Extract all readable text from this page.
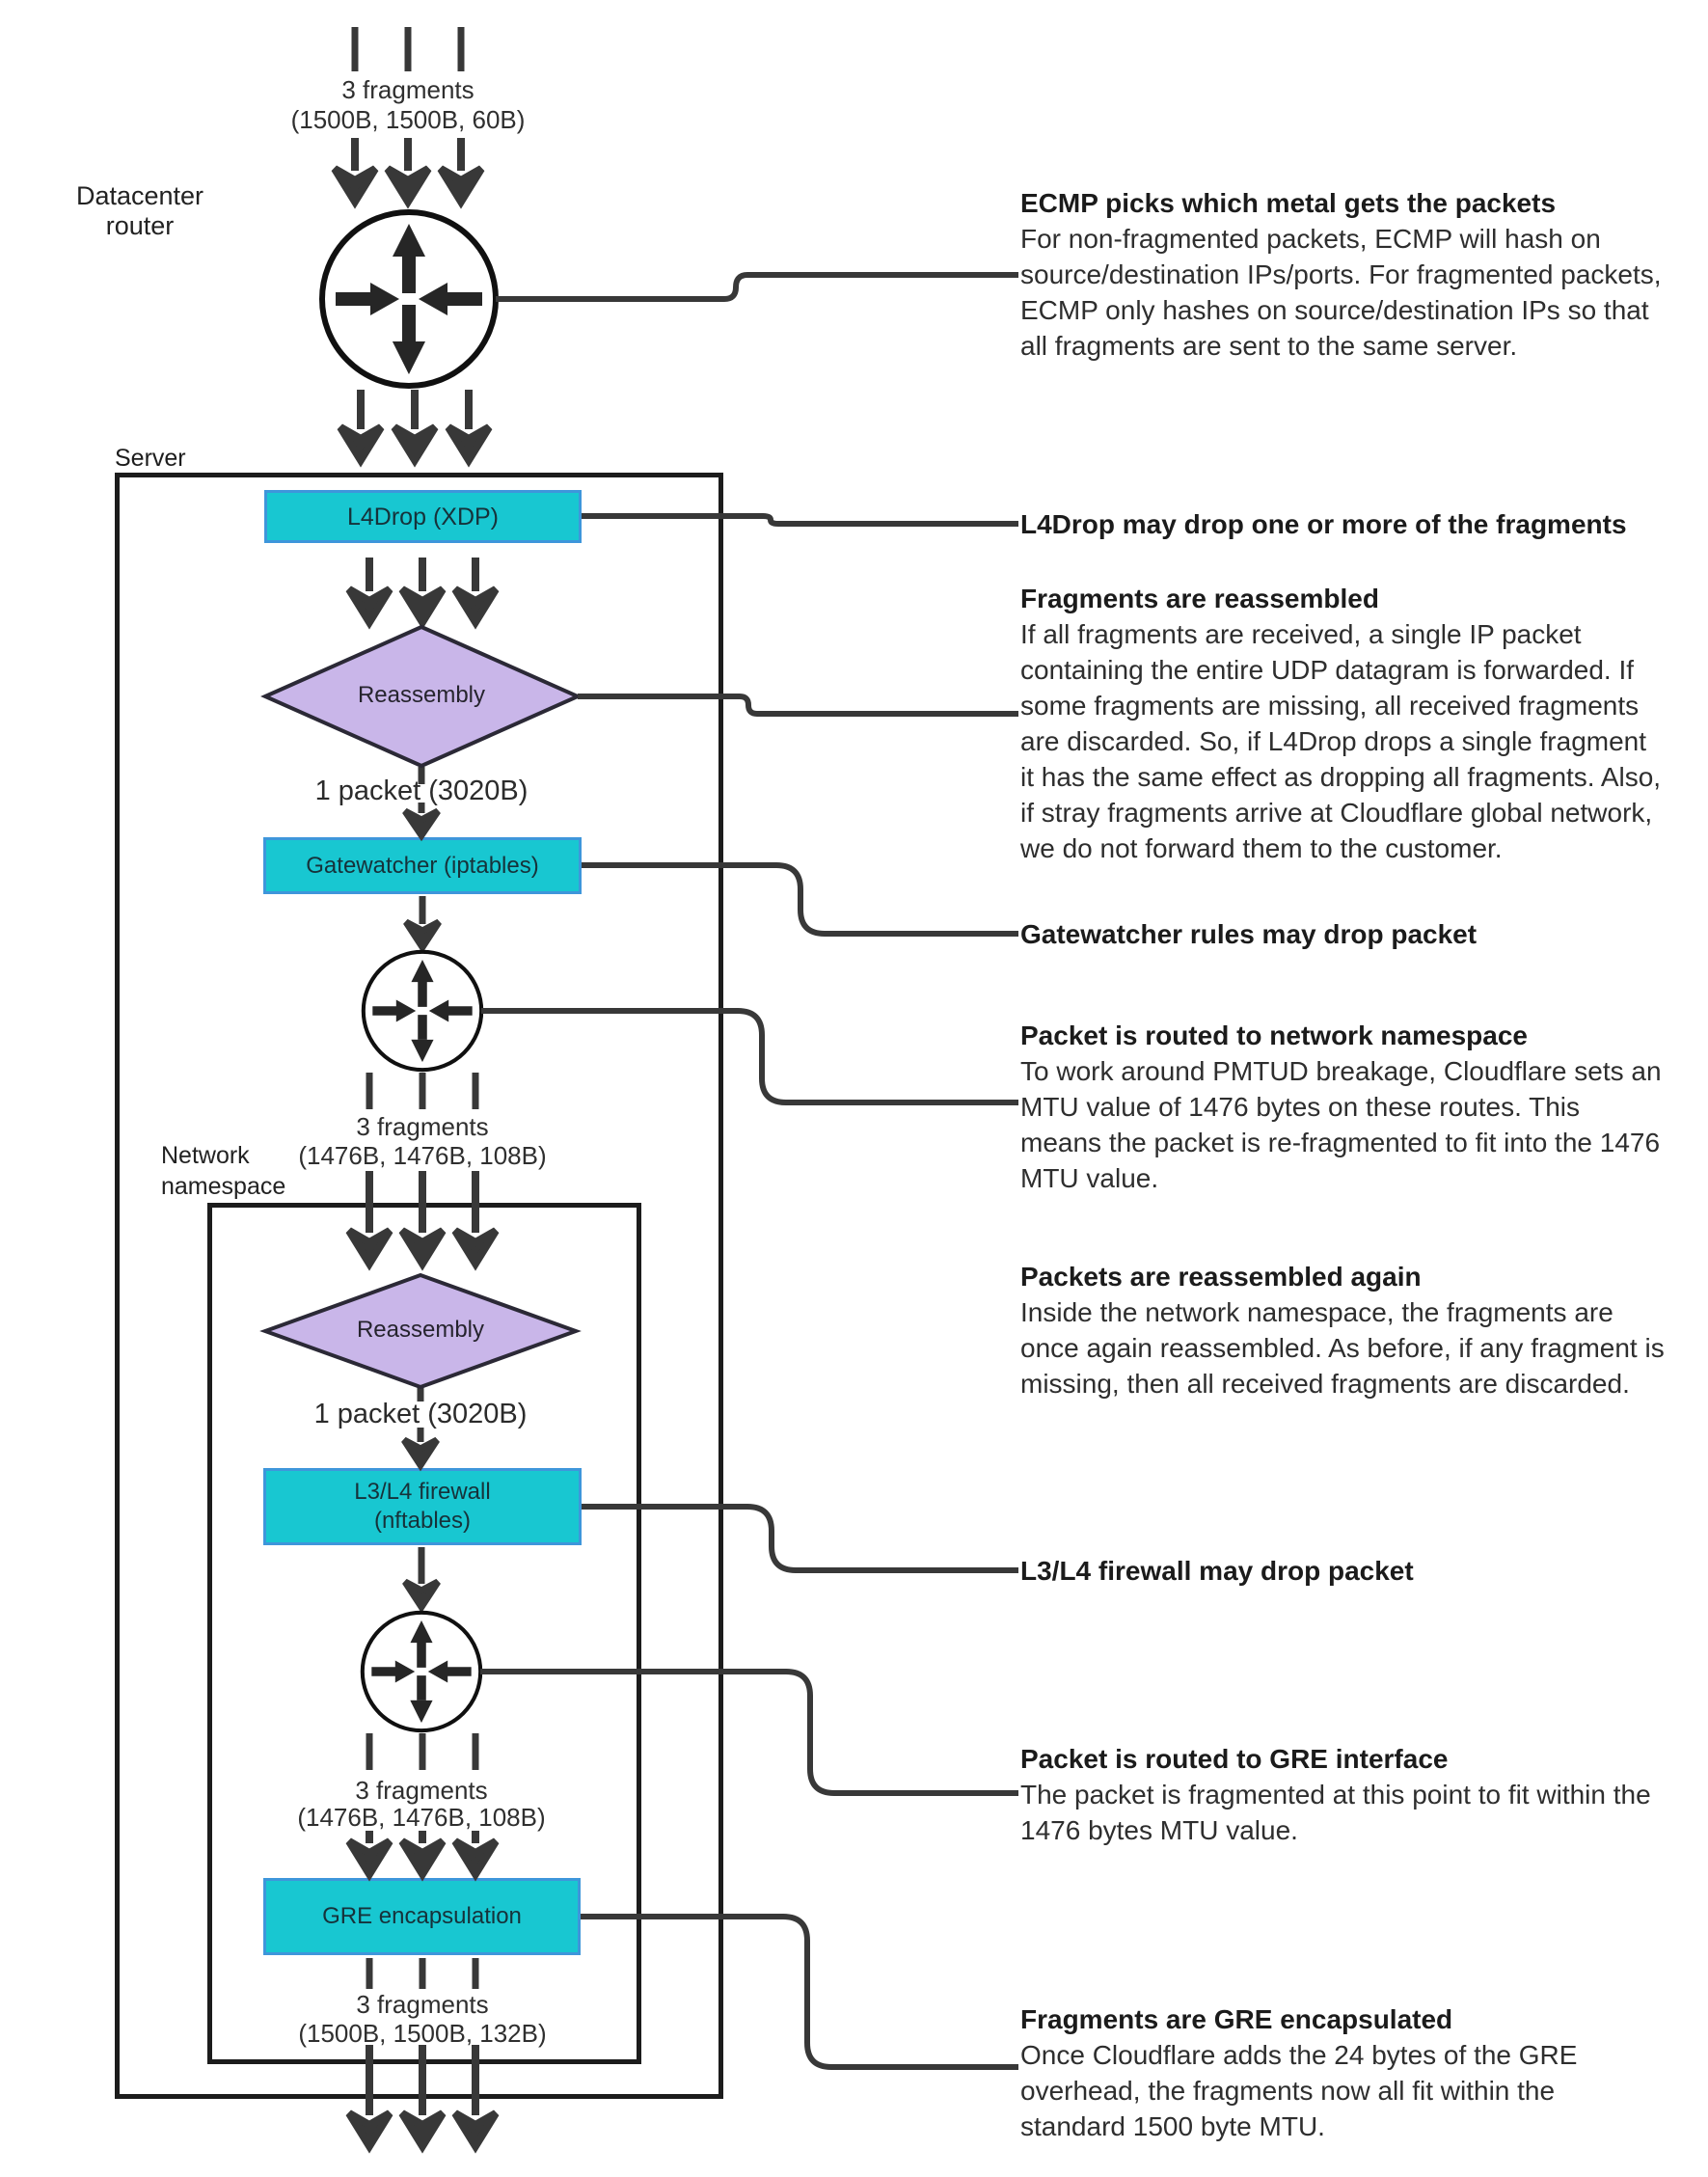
L4Drop (XDP)
Gatewatcher (iptables)
L3/L4 firewall
(nftables)
GRE encapsulation
3 fragments
(1500B, 1500B, 60B)
Datacenter
router
Server
Reassembly
1 packet (3020B)
3 fragments
(1476B, 1476B, 108B)
Network
namespace
Reassembly
1 packet (3020B)
3 fragments
(1476B, 1476B, 108B)
3 fragments
(1500B, 1500B, 132B)
ECMP picks which metal gets the packets
For non-fragmented packets, ECMP will hash on source/destination IPs/ports. For fragmented packets, ECMP only hashes on source/destination IPs so that all fragments are sent to the same server.
L4Drop may drop one or more of the fragments
Fragments are reassembled
If all fragments are received, a single IP packet containing the entire UDP datagram is forwarded. If some fragments are missing, all received fragments are discarded. So, if L4Drop drops a single fragment it has the same effect as dropping all fragments. Also, if stray fragments arrive at Cloudflare global network, we do not forward them to the customer.
Gatewatcher rules may drop packet
Packet is routed to network namespace
To work around PMTUD breakage, Cloudflare sets an MTU value of 1476 bytes on these routes. This means the packet is re-fragmented to fit into the 1476 MTU value.
Packets are reassembled again
Inside the network namespace, the fragments are once again reassembled. As before, if any fragment is missing, then all received fragments are discarded.
L3/L4 firewall may drop packet
Packet is routed to GRE interface
The packet is fragmented at this point to fit within the 1476 bytes MTU value.
Fragments are GRE encapsulated
Once Cloudflare adds the 24 bytes of the GRE overhead, the fragments now all fit within the standard 1500 byte MTU.
